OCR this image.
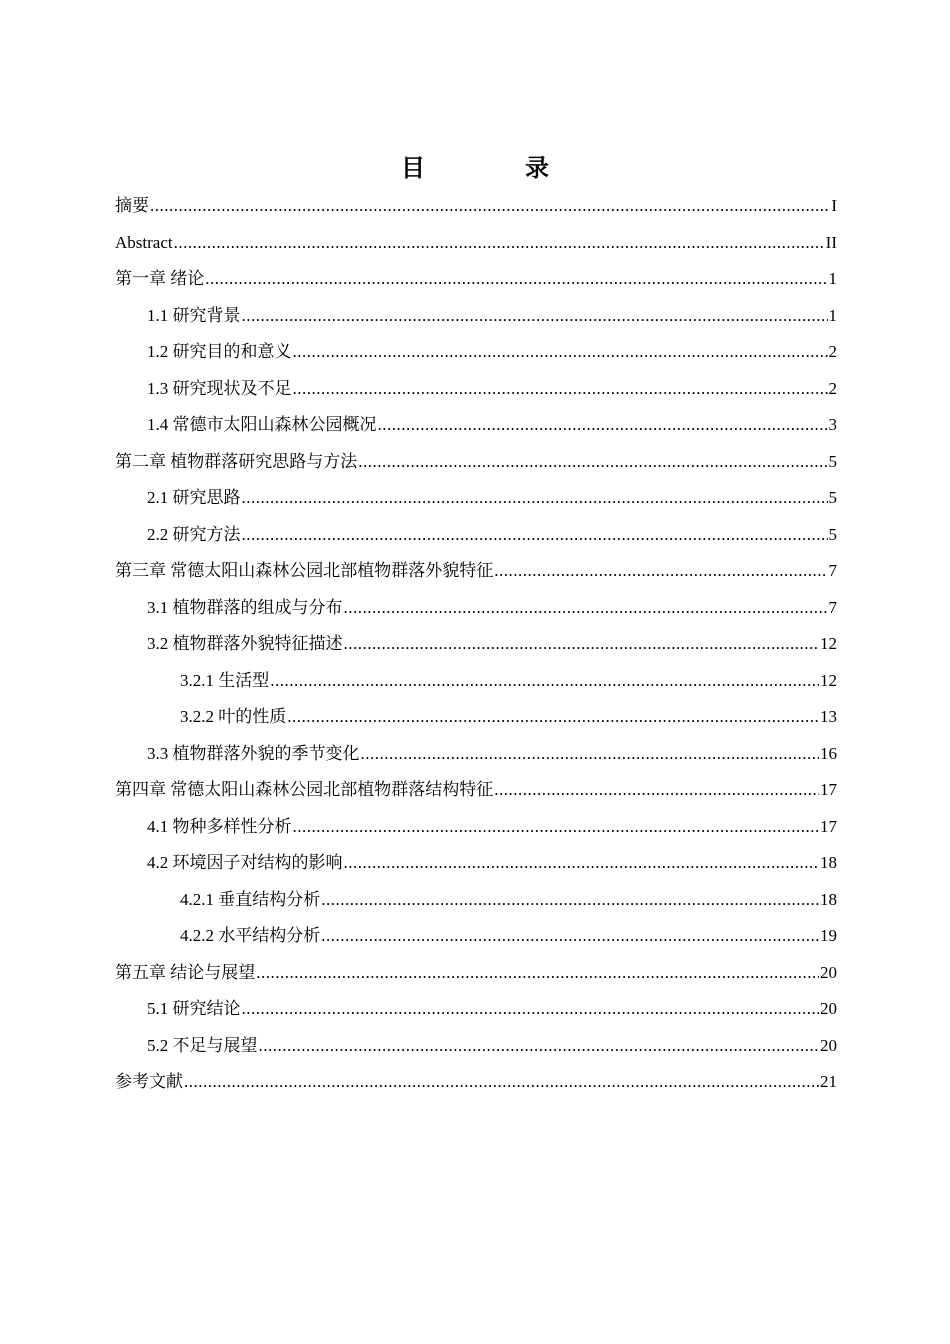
目　录
摘要 .....	I
Abstract .....	II
第一章 绪论 .....	1
1.1 研究背景 .....	1
1.2 研究目的和意义 .....	2
1.3 研究现状及不足 .....	2
1.4 常德市太阳山森林公园概况 .....	3
第二章 植物群落研究思路与方法 .....	5
2.1 研究思路 .....	5
2.2 研究方法 .....	5
第三章 常德太阳山森林公园北部植物群落外貌特征 .....	7
3.1 植物群落的组成与分布 .....	7
3.2 植物群落外貌特征描述 .....	12
3.2.1 生活型 .....	12
3.2.2 叶的性质 .....	13
3.3 植物群落外貌的季节变化 .....	16
第四章 常德太阳山森林公园北部植物群落结构特征 .....	17
4.1 物种多样性分析 .....	17
4.2 环境因子对结构的影响 .....	18
4.2.1 垂直结构分析 .....	18
4.2.2 水平结构分析 .....	19
第五章 结论与展望 .....	20
5.1 研究结论 .....	20
5.2 不足与展望 .....	20
参考文献 .....	21
